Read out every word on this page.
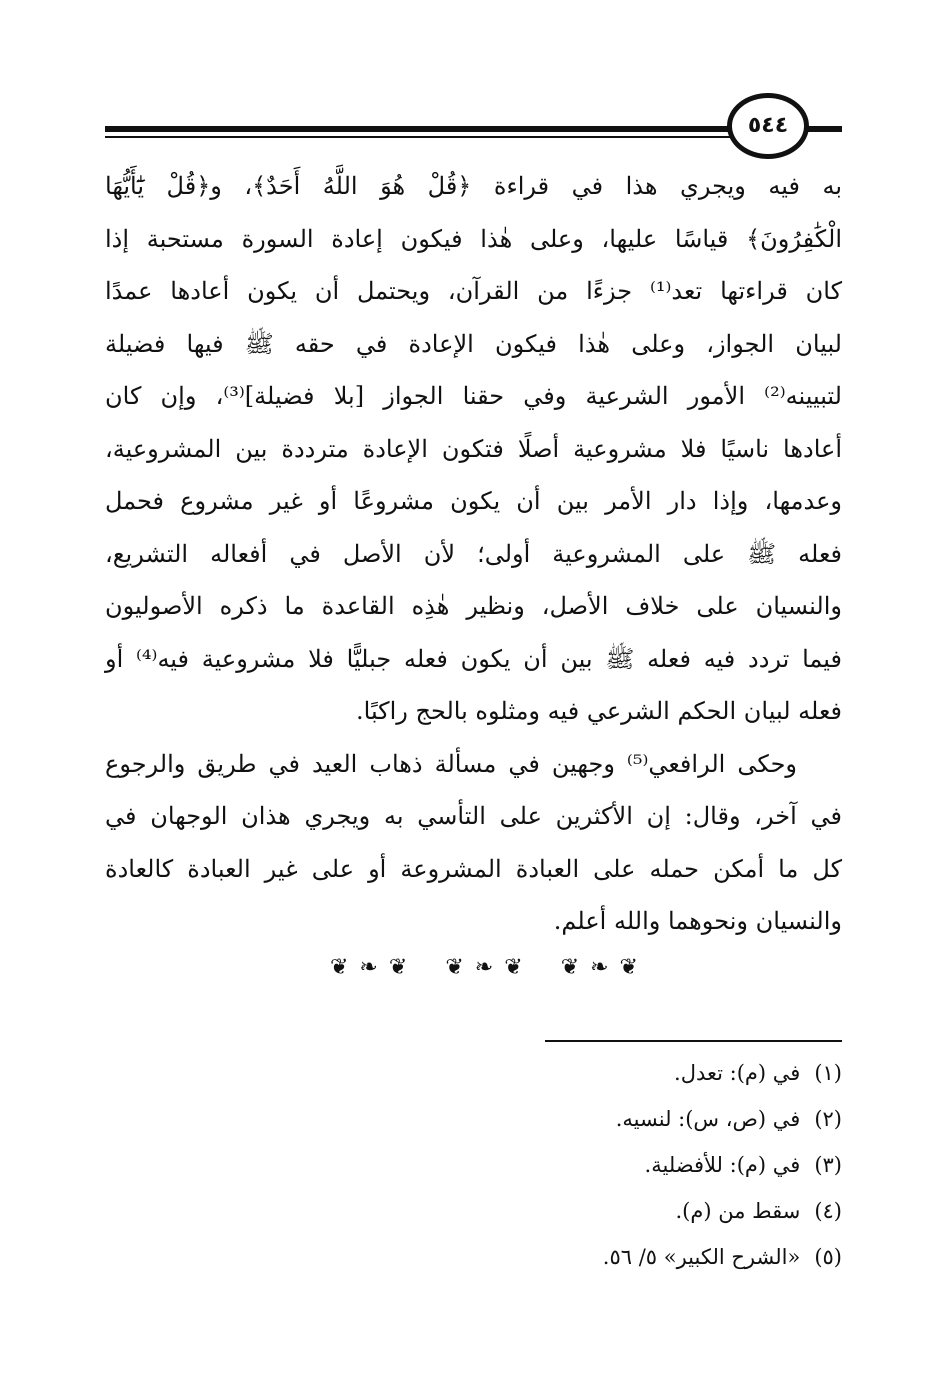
٥٤٤
به فيه ويجري هذا في قراءة ﴿قُلْ هُوَ اللَّهُ أَحَدٌ﴾، و﴿قُلْ يَٰٓأَيُّهَا
الْكَٰفِرُونَ﴾ قياسًا عليها، وعلى هٰذا فيكون إعادة السورة مستحبة إذا
كان قراءتها تعد⁽¹⁾ جزءًا من القرآن، ويحتمل أن يكون أعادها عمدًا
لبيان الجواز، وعلى هٰذا فيكون الإعادة في حقه ﷺ فيها فضيلة
لتبيينه⁽²⁾ الأمور الشرعية وفي حقنا الجواز [بلا فضيلة]⁽³⁾، وإن كان
أعادها ناسيًا فلا مشروعية أصلًا فتكون الإعادة مترددة بين المشروعية،
وعدمها، وإذا دار الأمر بين أن يكون مشروعًا أو غير مشروع فحمل
فعله ﷺ على المشروعية أولى؛ لأن الأصل في أفعاله التشريع،
والنسيان على خلاف الأصل، ونظير هٰذِه القاعدة ما ذكره الأصوليون
فيما تردد فيه فعله ﷺ بين أن يكون فعله جبليًّا فلا مشروعية فيه⁽⁴⁾ أو
فعله لبيان الحكم الشرعي فيه ومثلوه بالحج راكبًا.
وحكى الرافعي⁽⁵⁾ وجهين في مسألة ذهاب العيد في طريق والرجوع
في آخر، وقال: إن الأكثرين على التأسي به ويجري هذان الوجهان في
كل ما أمكن حمله على العبادة المشروعة أو على غير العبادة كالعادة
والنسيان ونحوهما والله أعلم.
❦ ❧ ❦ ❦ ❧ ❦ ❦ ❧ ❦
(١)
في (م): تعدل.
(٢)
في (ص، س): لنسيه.
(٣)
في (م): للأفضلية.
(٤)
سقط من (م).
(٥)
«الشرح الكبير» ٥/ ٥٦.
